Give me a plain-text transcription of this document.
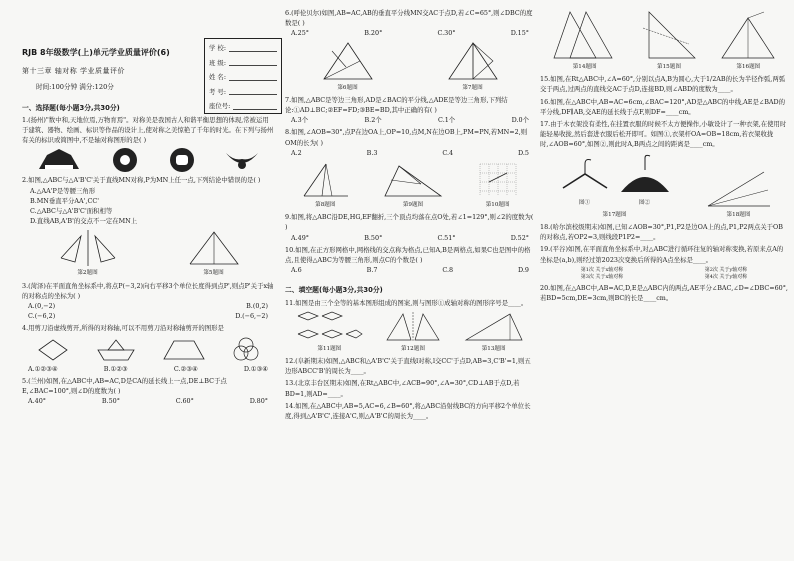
RJB 8年级数学(上)单元学业质量评价(6)
第十三章 轴对称 学业质量评价
时间:100分钟 满分:120分
一、选择题(每小题3分,共30分)
1.(扬州)"数中和,天地位焉,万物育焉"。对称美是我国古人和谐平衡思想的体现,常被运用于建筑、器物、绘画、标识等作品的设计上,使对称之美惊艳了千年的时光。在下列与扬州有关的标识或简图中,不是轴对称图形的是( )
2.如图,△ABC与△A'B'C'关于直线MN对称,P为MN上任一点,下列结论中错误的是( )
A.△AA'P是等腰三角形
B.MN垂直平分AA',CC'
C.△ABC与△A'B'C'面积相等
D.直线AB,A'B'的交点不一定在MN上
第2题图	第5题图
3.(菏泽)在平面直角坐标系中,将点P(−3,2)向右平移3个单位长度得到点P',则点P'关于x轴的对称点的坐标为( )
A.(0,−2)	B.(0,2)
C.(−6,2)	D.(−6,−2)
4.用剪刀沿虚线剪开,所得的对称轴,可以不用剪刀沿对称轴剪开的图形是
A.①②③④	B.①②③	C.②③④	D.①③④
5.(兰州)如图,在△ABC中,AB=AC,D是CA的延长线上一点,DE⊥BC于点E,∠BAC=100°,则∠D的度数为( )
A.40°	B.50°	C.60°	D.80°
学 校:
班 级:
姓 名:
考 号:
座位号:
6.(呼伦贝尔)如图,AB=AC,AB的垂直平分线MN交AC于点D,若∠C=65°,则∠DBC的度数是( )
A.25°	B.20°	C.30°	D.15°
第6题图	第7题图
7.如图,△ABC是等边三角形,AD是∠BAC的平分线,△ADE是等边三角形,下列结论:①AD⊥BC;②EF=FD;③BE=BD,其中正确的有( )
A.3个	B.2个	C.1个	D.0个
8.如图,∠AOB=30°,点P在边OA上,OP=10,点M,N在边OB上,PM=PN,若MN=2,则OM的长为( )
A.2	B.3	C.4	D.5
第8题图	第9题图	第10题图
9.如图,将△ABC沿DE,HG,EF翻折,三个顶点均落在点O处,若∠1=129°,则∠2的度数为( )
A.49°	B.50°	C.51°	D.52°
10.如图,在正方形网格中,网格线的交点称为格点,已知A,B是两格点,如果C也是图中的格点,且使得△ABC为等腰三角形,则点C的个数是( )
A.6	B.7	C.8	D.9
二、填空题(每小题3分,共30分)
11.如图是由三个全等的基本图形组成的图案,则与图形①成轴对称的图形序号是____。
第11题图	第12题图	第13题图
12.(阜新期末)如图,△ABC和△A'B'C'关于直线l对称,l交CC'于点D,AB=3,C'B'=1,则五边形ABCC'B'的周长为____。
13.(北京丰台区期末)如图,在Rt△ABC中,∠ACB=90°,∠A=30°,CD⊥AB于点D,若BD=1,则AD=____。
14.如图,在△ABC中,AB=5,AC=6,∠B=60°,将△ABC沿射线BC的方向平移2个单位长度,得到△A'B'C',连接A'C,则△A'B'C的周长为____。
第14题图	第15题图	第16题图
15.如图,在Rt△ABC中,∠A=60°,分别以点A,B为圆心,大于1/2AB的长为半径作弧,两弧交于两点,过两点的直线交AC于点D,连接BD,则∠ABD的度数为____。
16.如图,在△ABC中,AB=AC=6cm,∠BAC=120°,AD是△ABC的中线,AE是∠BAD的平分线,DF∥AB,交AE的延长线于点F,则DF=____cm。
17.由于木衣架没有柔性,在挂置衣服的时候不太方便操作,小敏设计了一种衣架,在使用时能轻易收拢,然后套进衣服后松开即可。如图①,衣架杆OA=OB=18cm,若衣架收拢时,∠AOB=60°,如图②,则此时A,B两点之间的距离是____cm。
图①	图②
第17题图	第18题图
18.(哈尔滨校级期末)如图,已知∠AOB=30°,P1,P2是边OA上的点,P1,P2两点关于OB的对称点,若OP2=3,则线段P1P2=____。
19.(平谷)如图,在平面直角坐标系中,对△ABC进行循环往复的轴对称变换,若原来点A的坐标是(a,b),则经过第2023次变换后所得的A点坐标是____。
第1次 关于x轴对称	第2次 关于y轴对称
第3次 关于x轴对称	第4次 关于y轴对称
20.如图,在△ABC中,AB=AC,D,E是△ABC内的两点,AE平分∠BAC,∠D=∠DBC=60°,若BD=5cm,DE=3cm,则BC的长是____cm。
